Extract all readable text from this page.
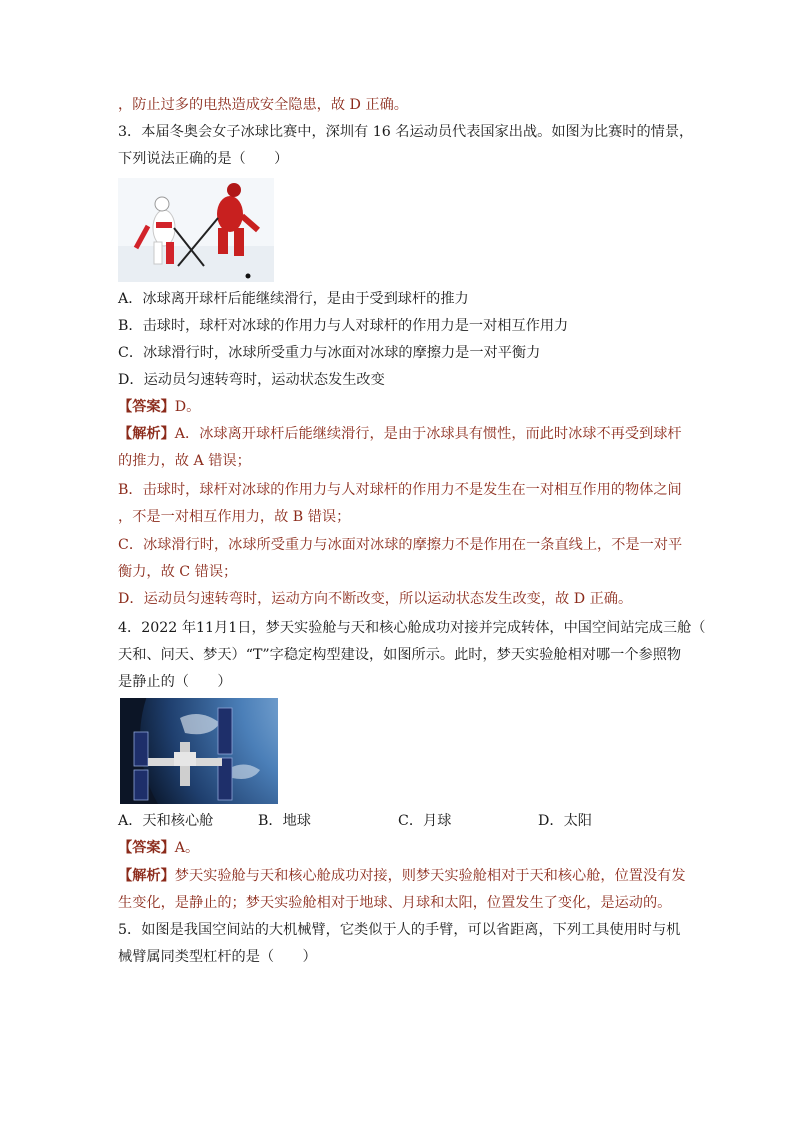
，防止过多的电热造成安全隐患，故 D 正确。
3．本届冬奥会女子冰球比赛中，深圳有 16 名运动员代表国家出战。如图为比赛时的情景，
下列说法正确的是（　　）
A．冰球离开球杆后能继续滑行，是由于受到球杆的推力
B．击球时，球杆对冰球的作用力与人对球杆的作用力是一对相互作用力
C．冰球滑行时，冰球所受重力与冰面对冰球的摩擦力是一对平衡力
D．运动员匀速转弯时，运动状态发生改变
【答案】D。
【解析】A．冰球离开球杆后能继续滑行，是由于冰球具有惯性，而此时冰球不再受到球杆
的推力，故 A 错误；
B．击球时，球杆对冰球的作用力与人对球杆的作用力不是发生在一对相互作用的物体之间
，不是一对相互作用力，故 B 错误；
C．冰球滑行时，冰球所受重力与冰面对冰球的摩擦力不是作用在一条直线上，不是一对平
衡力，故 C 错误；
D．运动员匀速转弯时，运动方向不断改变，所以运动状态发生改变，故 D 正确。
4．2022 年11月1日，梦天实验舱与天和核心舱成功对接并完成转体，中国空间站完成三舱（
天和、问天、梦天）“T”字稳定构型建设，如图所示。此时，梦天实验舱相对哪一个参照物
是静止的（　　）
A．天和核心舱	B．地球	C．月球	D．太阳
【答案】A。
【解析】梦天实验舱与天和核心舱成功对接，则梦天实验舱相对于天和核心舱，位置没有发
生变化，是静止的；梦天实验舱相对于地球、月球和太阳，位置发生了变化，是运动的。
5．如图是我国空间站的大机械臂，它类似于人的手臂，可以省距离，下列工具使用时与机
械臂属同类型杠杆的是（　　）
